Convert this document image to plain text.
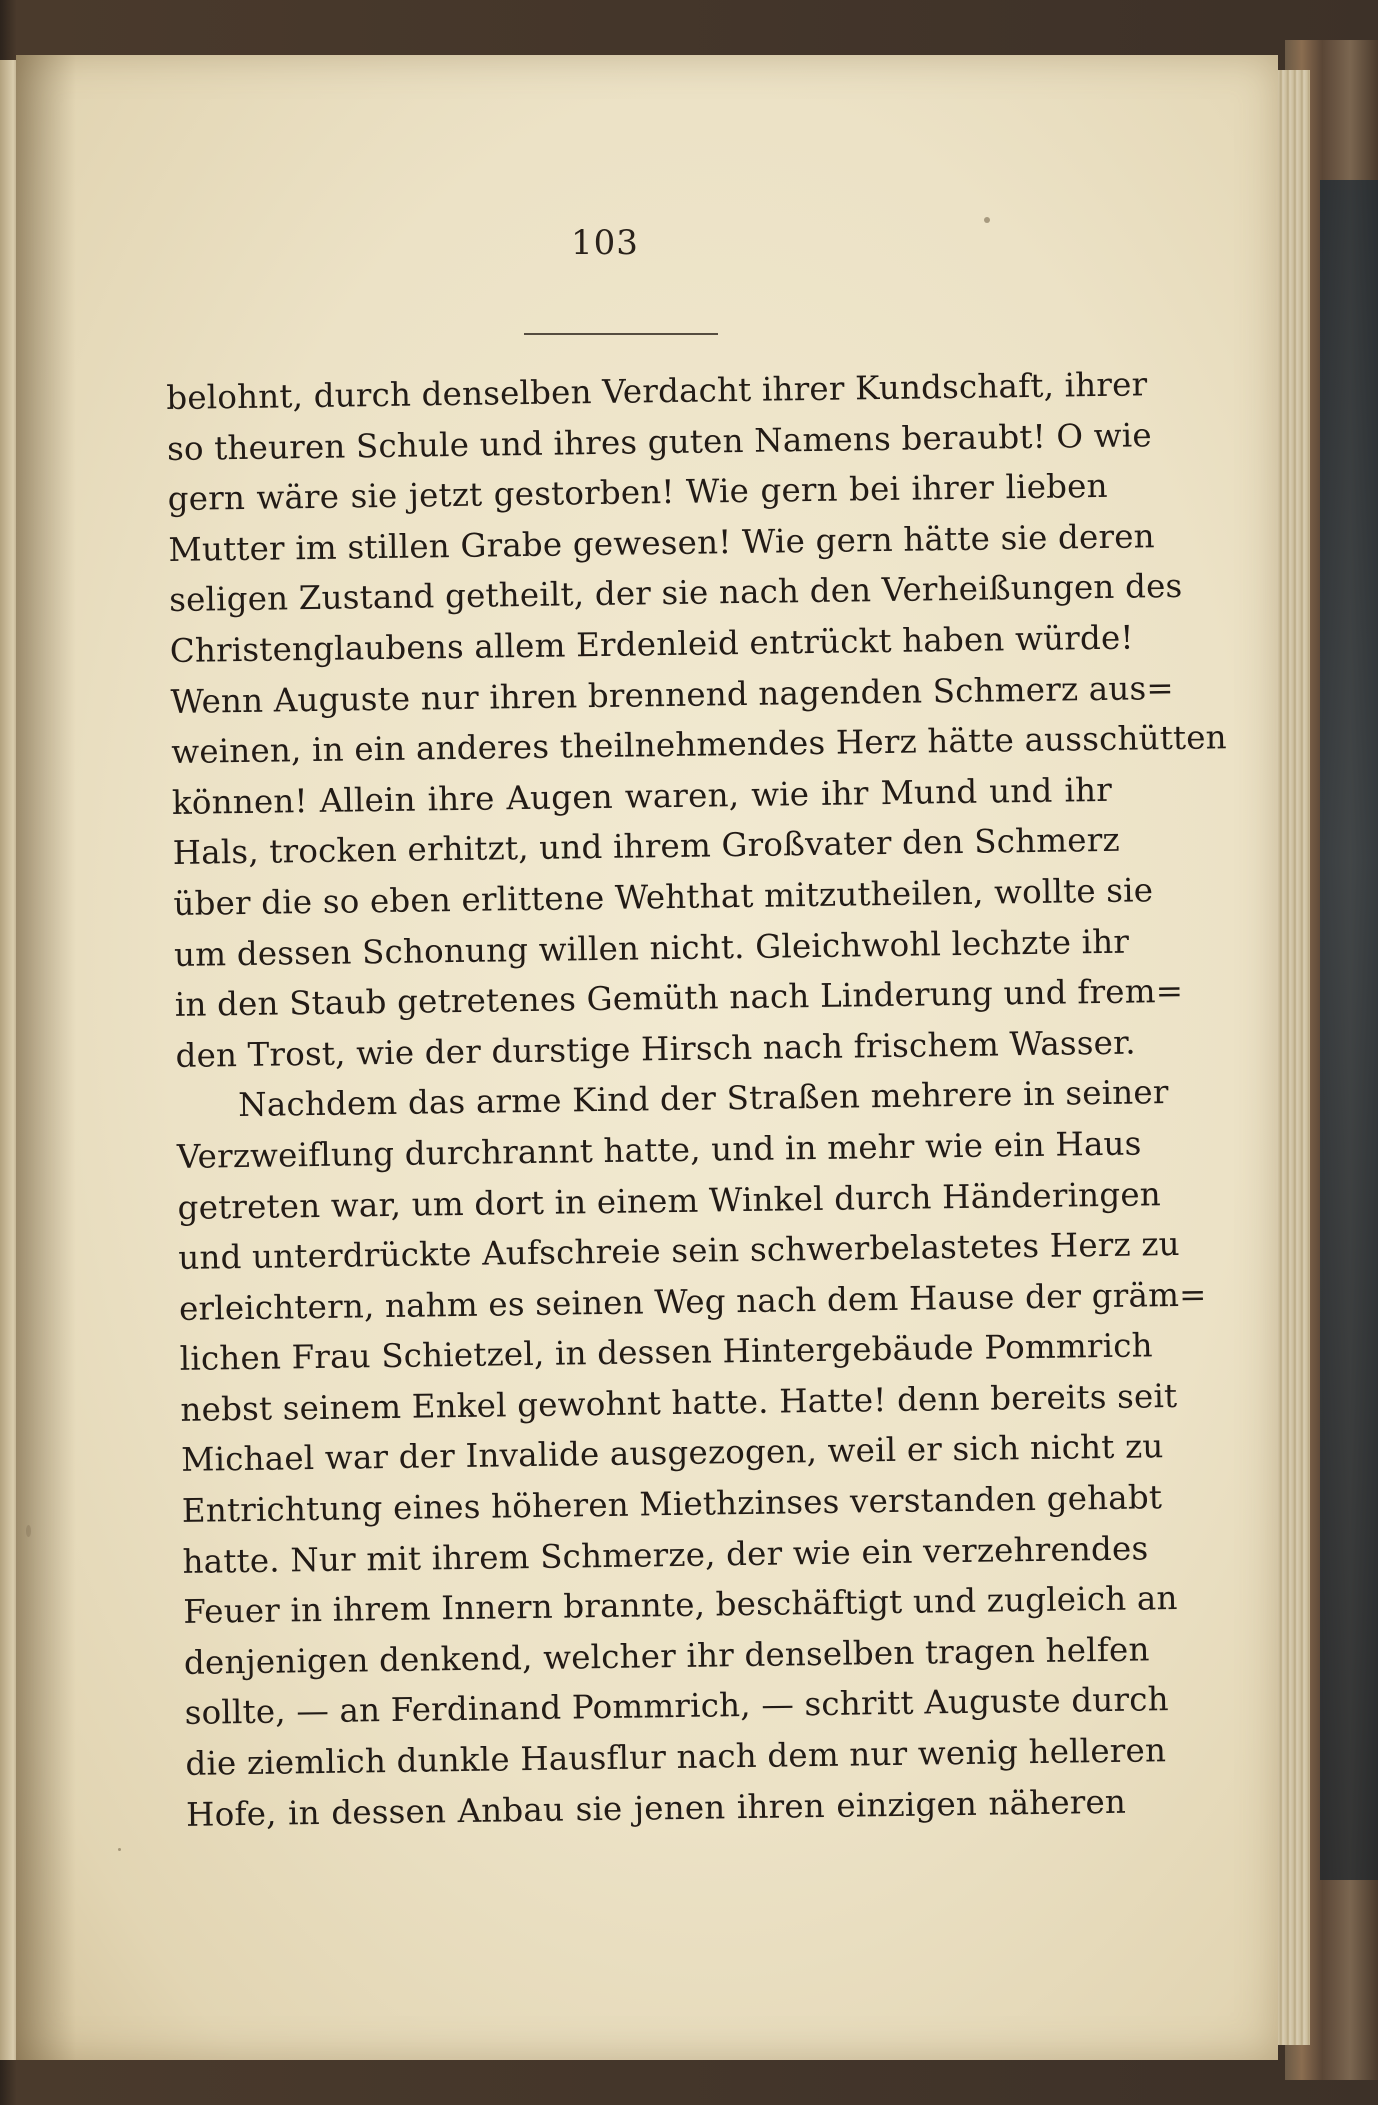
103
belohnt, durch denselben Verdacht ihrer Kundschaft, ihrer
so theuren Schule und ihres guten Namens beraubt! O wie
gern wäre sie jetzt gestorben! Wie gern bei ihrer lieben
Mutter im stillen Grabe gewesen! Wie gern hätte sie deren
seligen Zustand getheilt, der sie nach den Verheißungen des
Christenglaubens allem Erdenleid entrückt haben würde!
Wenn Auguste nur ihren brennend nagenden Schmerz aus=
weinen, in ein anderes theilnehmendes Herz hätte ausschütten
können! Allein ihre Augen waren, wie ihr Mund und ihr
Hals, trocken erhitzt, und ihrem Großvater den Schmerz
über die so eben erlittene Wehthat mitzutheilen, wollte sie
um dessen Schonung willen nicht. Gleichwohl lechzte ihr
in den Staub getretenes Gemüth nach Linderung und frem=
den Trost, wie der durstige Hirsch nach frischem Wasser.
Nachdem das arme Kind der Straßen mehrere in seiner
Verzweiflung durchrannt hatte, und in mehr wie ein Haus
getreten war, um dort in einem Winkel durch Händeringen
und unterdrückte Aufschreie sein schwerbelastetes Herz zu
erleichtern, nahm es seinen Weg nach dem Hause der gräm=
lichen Frau Schietzel, in dessen Hintergebäude Pommrich
nebst seinem Enkel gewohnt hatte. Hatte! denn bereits seit
Michael war der Invalide ausgezogen, weil er sich nicht zu
Entrichtung eines höheren Miethzinses verstanden gehabt
hatte. Nur mit ihrem Schmerze, der wie ein verzehrendes
Feuer in ihrem Innern brannte, beschäftigt und zugleich an
denjenigen denkend, welcher ihr denselben tragen helfen
sollte, — an Ferdinand Pommrich, — schritt Auguste durch
die ziemlich dunkle Hausflur nach dem nur wenig helleren
Hofe, in dessen Anbau sie jenen ihren einzigen näheren
